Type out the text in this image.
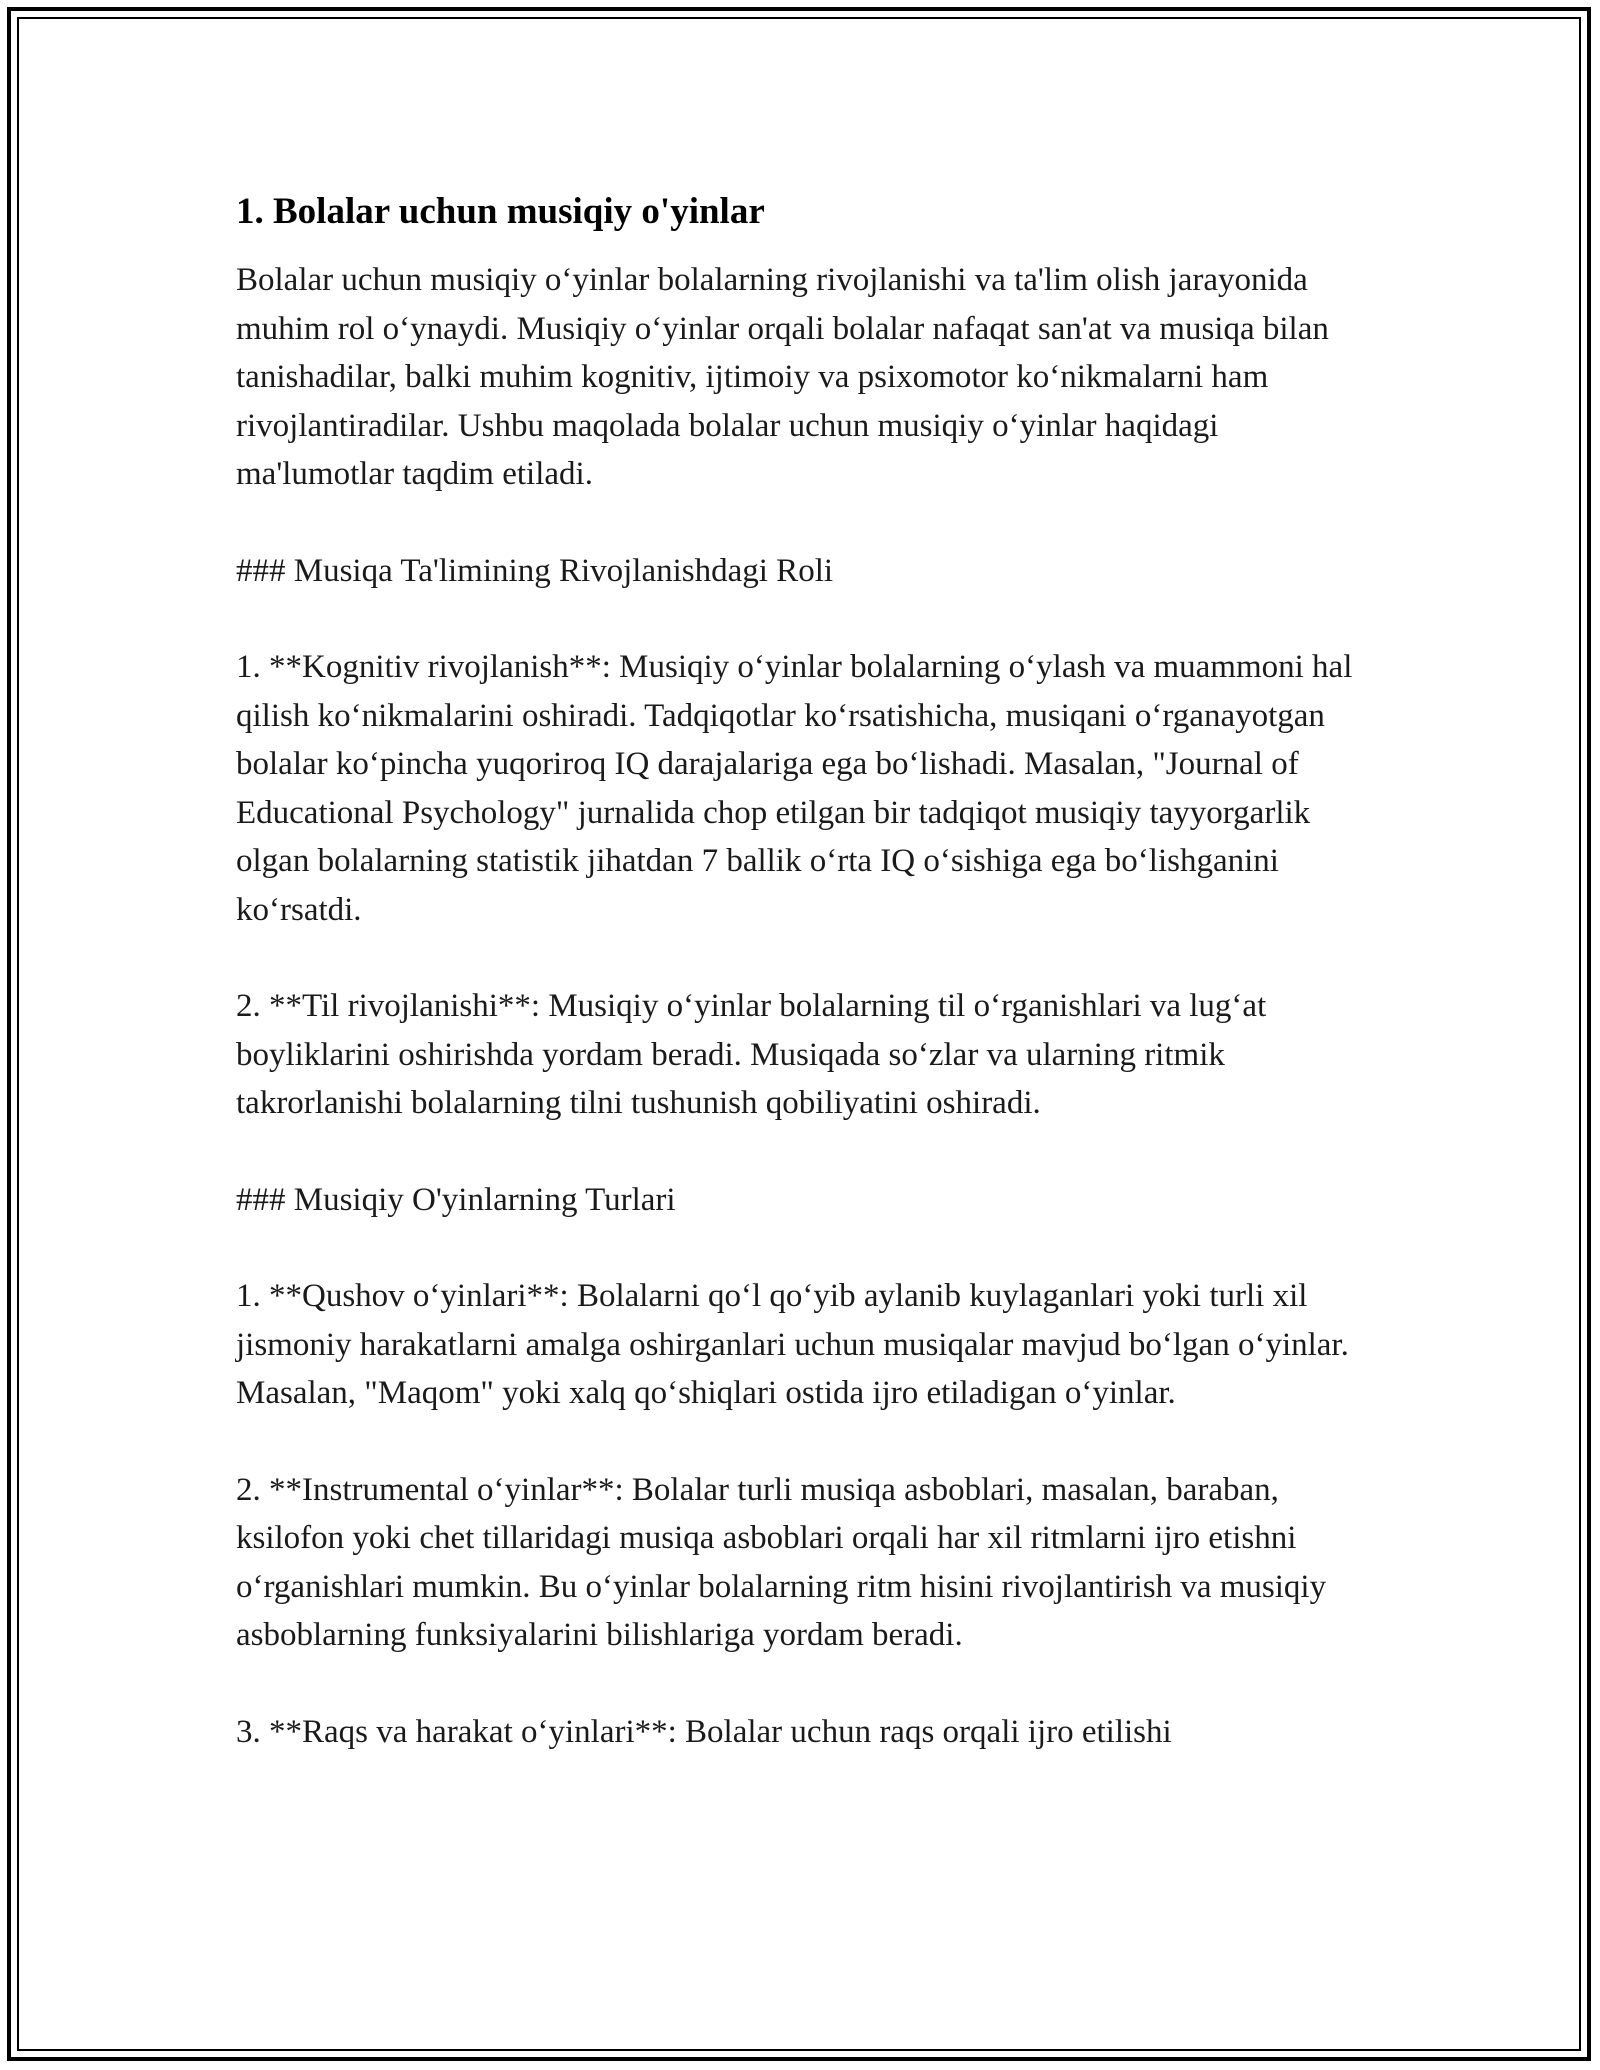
1. Bolalar uchun musiqiy o'yinlar

Bolalar uchun musiqiy o‘yinlar bolalarning rivojlanishi va ta'lim olish jarayonida muhim rol o‘ynaydi. Musiqiy o‘yinlar orqali bolalar nafaqat san'at va musiqa bilan tanishadilar, balki muhim kognitiv, ijtimoiy va psixomotor ko‘nikmalarni ham rivojlantiradilar. Ushbu maqolada bolalar uchun musiqiy o‘yinlar haqidagi ma'lumotlar taqdim etiladi.

### Musiqa Ta'limining Rivojlanishdagi Roli

1. **Kognitiv rivojlanish**: Musiqiy o‘yinlar bolalarning o‘ylash va muammoni hal qilish ko‘nikmalarini oshiradi. Tadqiqotlar ko‘rsatishicha, musiqani o‘rganayotgan bolalar ko‘pincha yuqoriroq IQ darajalariga ega bo‘lishadi. Masalan, "Journal of Educational Psychology" jurnalida chop etilgan bir tadqiqot musiqiy tayyorgarlik olgan bolalarning statistik jihatdan 7 ballik o‘rta IQ o‘sishiga ega bo‘lishganini ko‘rsatdi.

2. **Til rivojlanishi**: Musiqiy o‘yinlar bolalarning til o‘rganishlari va lug‘at boyliklarini oshirishda yordam beradi. Musiqada so‘zlar va ularning ritmik takrorlanishi bolalarning tilni tushunish qobiliyatini oshiradi.

### Musiqiy O'yinlarning Turlari

1. **Qushov o‘yinlari**: Bolalarni qo‘l qo‘yib aylanib kuylaganlari yoki turli xil jismoniy harakatlarni amalga oshirganlari uchun musiqalar mavjud bo‘lgan o‘yinlar. Masalan, "Maqom" yoki xalq qo‘shiqlari ostida ijro etiladigan o‘yinlar.

2. **Instrumental o‘yinlar**: Bolalar turli musiqa asboblari, masalan, baraban, ksilofon yoki chet tillaridagi musiqa asboblari orqali har xil ritmlarni ijro etishni o‘rganishlari mumkin. Bu o‘yinlar bolalarning ritm hisini rivojlantirish va musiqiy asboblarning funksiyalarini bilishlariga yordam beradi.

3. **Raqs va harakat o‘yinlari**: Bolalar uchun raqs orqali ijro etilishi
